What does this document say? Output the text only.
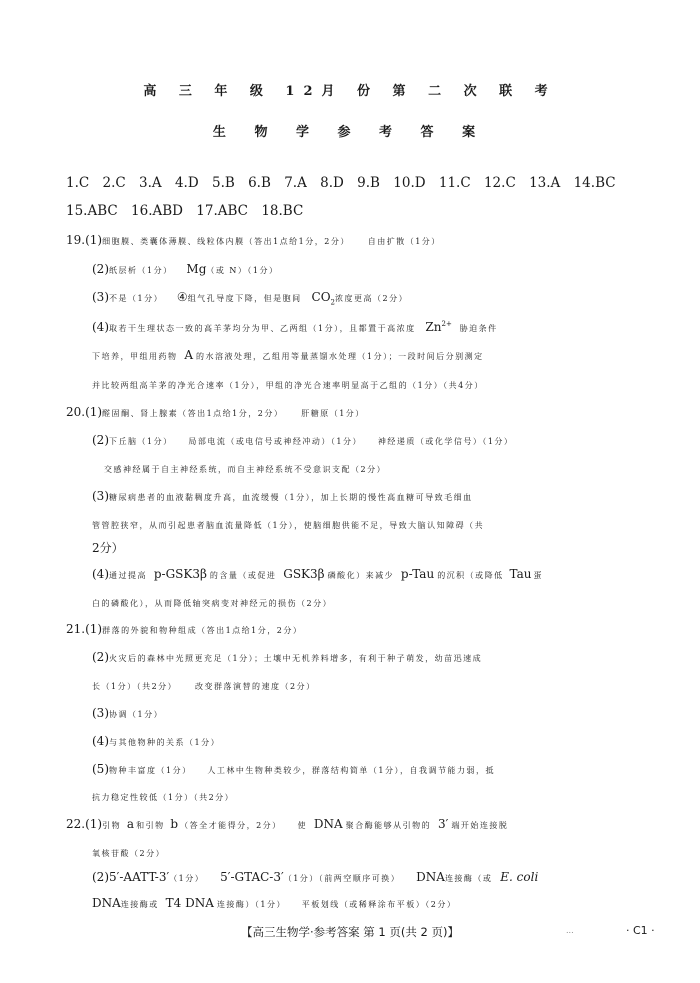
高 三 年 级 12月 份 第 二 次 联 考
生 物 学 参 考 答 案
1.C 2.C 3.A 4.D 5.B 6.B 7.A 8.D 9.B 10.D 11.C 12.C 13.A 14.BC
15.ABC 16.ABD 17.ABC 18.BC
19.(1)细胞膜、类囊体薄膜、线粒体内膜（答出1点给1分，2分） 自由扩散（1分）
(2)纸层析（1分） Mg（或 N）（1分）
(3)不是（1分） ④组气孔导度下降，但是胞间 $CO_2$浓度更高（2分）
(4)取若干生理状态一致的高羊茅均分为甲、乙两组（1分），且都置于高浓度 $Zn^{2+}$ 胁迫条件
下培养，甲组用药物 A 的水溶液处理，乙组用等量蒸馏水处理（1分）；一段时间后分别测定
并比较两组高羊茅的净光合速率（1分），甲组的净光合速率明显高于乙组的（1分）（共4分）
20.(1)醛固酮、肾上腺素（答出1点给1分，2分） 肝糖原（1分）
(2)下丘脑（1分） 局部电流（或电信号或神经冲动）（1分） 神经递质（或化学信号）（1分）
交感神经属于自主神经系统，而自主神经系统不受意识支配（2分）
(3)糖尿病患者的血液黏稠度升高，血流缓慢（1分），加上长期的慢性高血糖可导致毛细血
管管腔狭窄，从而引起患者脑血流量降低（1分），使脑细胞供能不足，导致大脑认知障碍（共
2分）
(4)通过提高 p-GSK3β 的含量（或促进 GSK3β 磷酸化）来减少 p-Tau 的沉积（或降低 Tau 蛋
白的磷酸化），从而降低轴突病变对神经元的损伤（2分）
21.(1)群落的外貌和物种组成（答出1点给1分，2分）
(2)火灾后的森林中光照更充足（1分）；土壤中无机养料增多，有利于种子萌发，幼苗迅速成
长（1分）（共2分） 改变群落演替的速度（2分）
(3)协调（1分）
(4)与其他物种的关系（1分）
(5)物种丰富度（1分） 人工林中生物种类较少，群落结构简单（1分），自我调节能力弱，抵
抗力稳定性较低（1分）（共2分）
22.(1)引物 a 和引物 b （答全才能得分，2分） 使 DNA 聚合酶能够从引物的 3′ 端开始连接脱
氧核苷酸（2分）
(2)5′-AATT-3′（1分） 5′-GTAC-3′（1分）（前两空顺序可换） DNA连接酶（或 E. coli
DNA连接酶或 T4 DNA 连接酶）（1分） 平板划线（或稀释涂布平板）（2分）
【高三生物学·参考答案 第 1 页(共 2 页)】	...	· C1 ·
